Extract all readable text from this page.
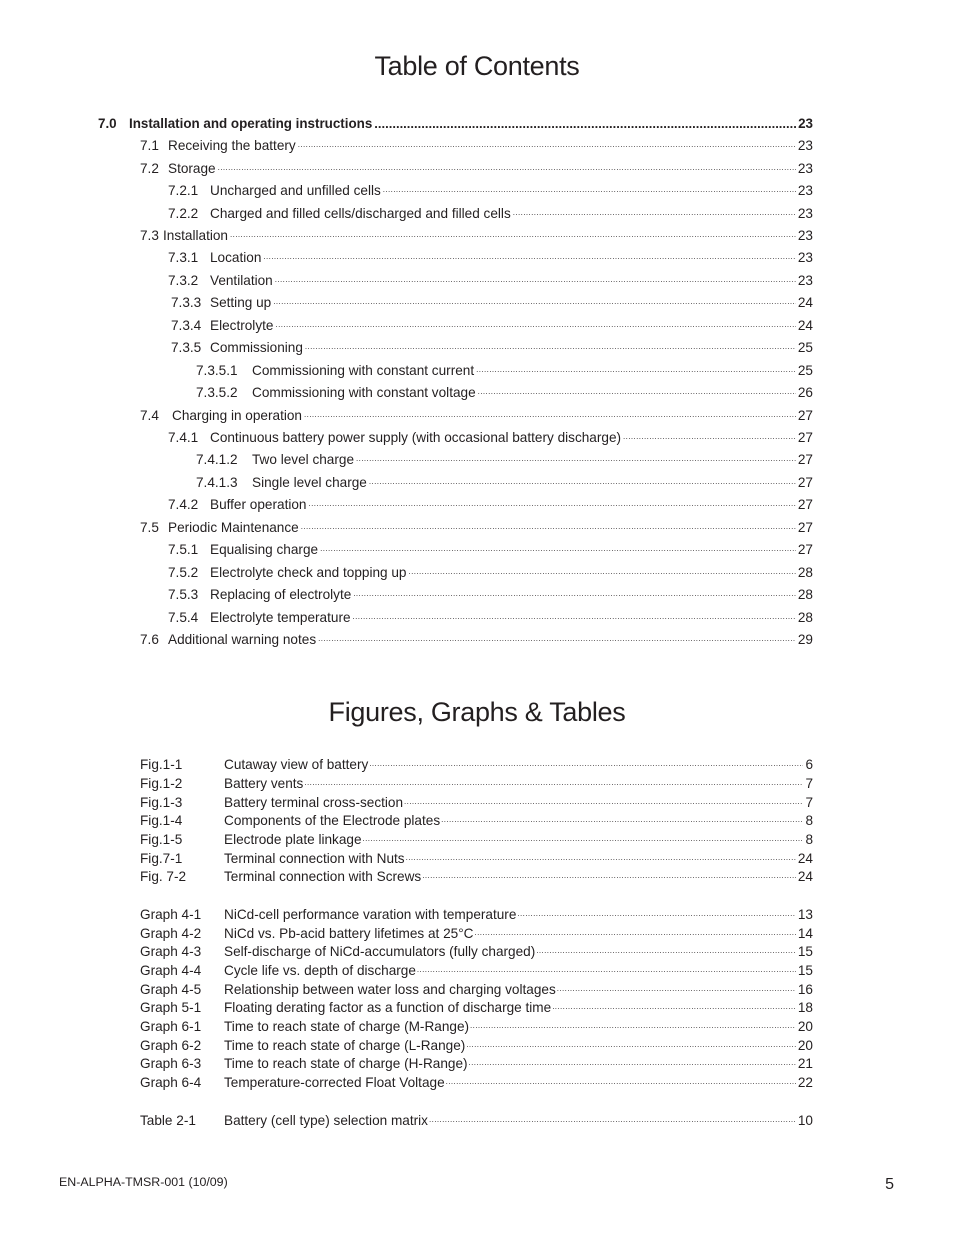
Table of Contents
7.0 Installation and operating instructions .....	23
7.1 Receiving the battery .....	23
7.2 Storage .....	23
7.2.1 Uncharged and unfilled cells .....	23
7.2.2 Charged and filled cells/discharged and filled cells .....	23
7.3 Installation .....	23
7.3.1 Location .....	23
7.3.2 Ventilation .....	23
7.3.3 Setting up .....	24
7.3.4 Electrolyte .....	24
7.3.5 Commissioning .....	25
7.3.5.1	Commissioning with constant current .....	25
7.3.5.2	Commissioning with constant voltage .....	26
7.4 Charging in operation .....	27
7.4.1 Continuous battery power supply (with occasional battery discharge) .....	27
7.4.1.2	Two level charge .....	27
7.4.1.3	Single level charge .....	27
7.4.2 Buffer operation .....	27
7.5 Periodic Maintenance .....	27
7.5.1 Equalising charge .....	27
7.5.2 Electrolyte check and topping up .....	28
7.5.3 Replacing of electrolyte .....	28
7.5.4 Electrolyte temperature .....	28
7.6 Additional warning notes .....	29
Figures, Graphs & Tables
Fig.1-1	Cutaway view of battery .....	6
Fig.1-2	Battery vents .....	7
Fig.1-3	Battery terminal cross-section .....	7
Fig.1-4	Components of the Electrode plates .....	8
Fig.1-5	Electrode plate linkage .....	8
Fig.7-1	Terminal connection with Nuts .....	24
Fig. 7-2	Terminal connection with Screws .....	24
Graph 4-1	NiCd-cell performance varation with temperature .....	13
Graph 4-2	NiCd vs. Pb-acid battery lifetimes at 25°C .....	14
Graph 4-3	Self-discharge of NiCd-accumulators (fully charged) .....	15
Graph 4-4	Cycle life vs. depth of discharge .....	15
Graph 4-5	Relationship between water loss and charging voltages .....	16
Graph 5-1	Floating derating factor as a function of discharge time .....	18
Graph 6-1	Time to reach state of charge (M-Range) .....	20
Graph 6-2	Time to reach state of charge (L-Range) .....	20
Graph 6-3	Time to reach state of charge (H-Range) .....	21
Graph 6-4	Temperature-corrected Float Voltage .....	22
Table 2-1	Battery (cell type) selection matrix .....	10
EN-ALPHA-TMSR-001 (10/09)	5
